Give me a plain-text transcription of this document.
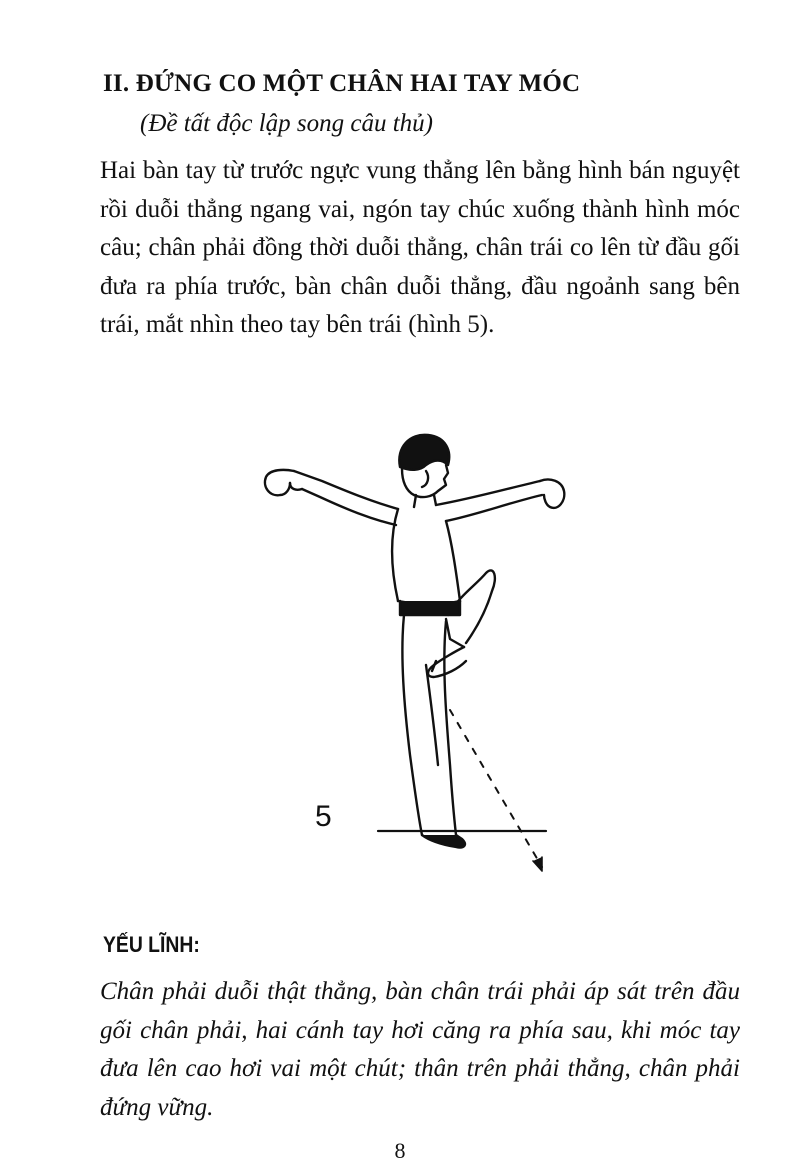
II. ĐỨNG CO MỘT CHÂN HAI TAY MÓC

(Đề tất độc lập song câu thủ)

Hai bàn tay từ trước ngực vung thẳng lên bằng hình bán nguyệt rồi duỗi thẳng ngang vai, ngón tay chúc xuống thành hình móc câu; chân phải đồng thời duỗi thẳng, chân trái co lên từ đầu gối đưa ra phía trước, bàn chân duỗi thẳng, đầu ngoảnh sang bên trái, mắt nhìn theo tay bên trái (hình 5).

5
YẾU LĨNH:

Chân phải duỗi thật thẳng, bàn chân trái phải áp sát trên đầu gối chân phải, hai cánh tay hơi căng ra phía sau, khi móc tay đưa lên cao hơi vai một chút; thân trên phải thẳng, chân phải đứng vững.

8
